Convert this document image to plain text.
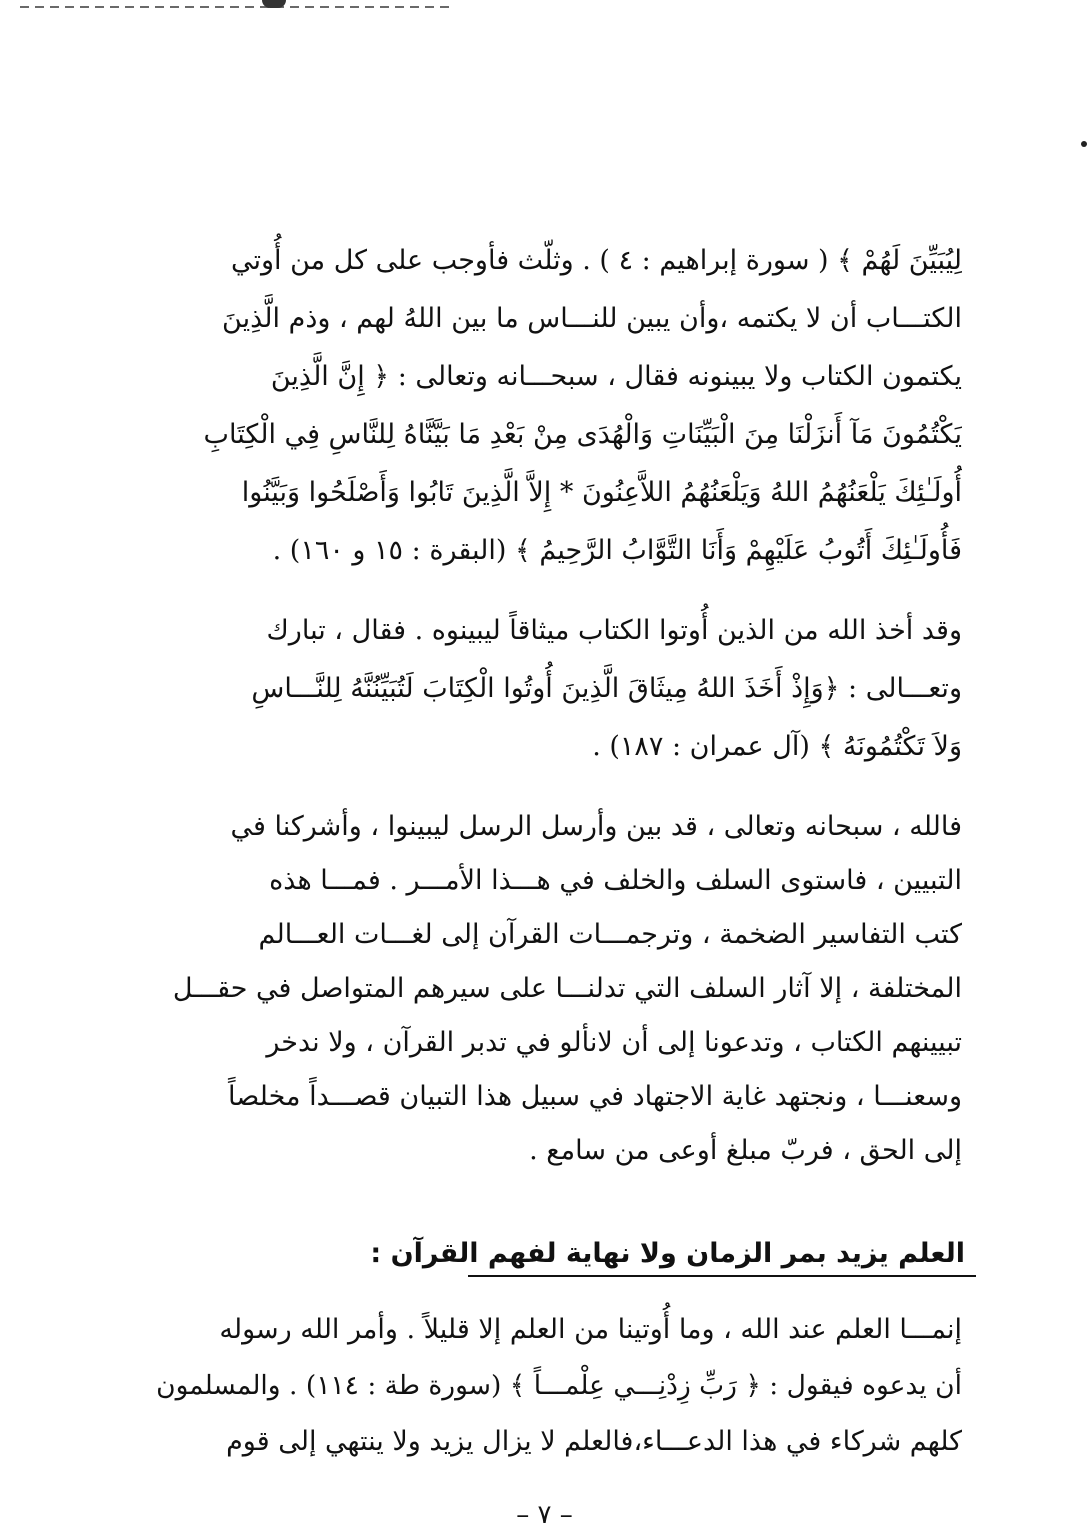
لِيُبَيِّنَ لَهُمْ ﴾ ( سورة إبراهيم : ٤ ) . وثلّث فأوجب على كل من أُوتي
الكتـــاب أن لا يكتمه ،وأن يبين للنـــاس ما بين اللهُ لهم ، وذم الَّذِينَ
يكتمون الكتاب ولا يبينونه فقال ، سبحـــانه وتعالى : ﴿ إِنَّ الَّذِينَ
يَكْتُمُونَ مَآ أَنزَلْنَا مِنَ الْبَيِّنَاتِ وَالْهُدَى مِنْ بَعْدِ مَا بَيَّنَّاهُ لِلنَّاسِ فِي الْكِتَابِ
أُولَـٰئِكَ يَلْعَنُهُمُ اللهُ وَيَلْعَنُهُمُ اللاَّعِنُونَ * إِلاَّ الَّذِينَ تَابُوا وَأَصْلَحُوا وَبَيَّنُوا
فَأُولَـٰئِكَ أَتُوبُ عَلَيْهِمْ وَأَنَا التَّوَّابُ الرَّحِيمُ ﴾ (البقرة : ١٥ و ١٦٠) .
وقد أخذ الله من الذين أُوتوا الكتاب ميثاقاً ليبينوه . فقال ، تبارك
وتعـــالى : ﴿وَإِذْ أَخَذَ اللهُ مِيثَاقَ الَّذِينَ أُوتُوا الْكِتَابَ لَتُبَيِّنُنَّهُ لِلنَّـــاسِ
وَلاَ تَكْتُمُونَهُ ﴾ (آل عمران : ١٨٧) .
فالله ، سبحانه وتعالى ، قد بين وأرسل الرسل ليبينوا ، وأشركنا في
التبيين ، فاستوى السلف والخلف في هـــذا الأمـــر . فمـــا هذه
كتب التفاسير الضخمة ، وترجمـــات القرآن إلى لغـــات العـــالم
المختلفة ، إلا آثار السلف التي تدلنـــا على سيرهم المتواصل في حقـــل
تبيينهم الكتاب ، وتدعونا إلى أن لانألو في تدبر القرآن ، ولا ندخر
وسعنـــا ، ونجتهد غاية الاجتهاد في سبيل هذا التبيان قصـــداً مخلصاً
إلى الحق ، فربّ مبلغ أوعى من سامع .
العلم يزيد بمر الزمان ولا نهاية لفهم القرآن :
إنمـــا العلم عند الله ، وما أُوتينا من العلم إلا قليلاً . وأمر الله رسوله
أن يدعوه فيقول : ﴿ رَبِّ زِدْنِـــي عِلْمـــاً ﴾ (سورة طة : ١١٤) . والمسلمون
كلهم شركاء في هذا الدعـــاء،فالعلم لا يزال يزيد ولا ينتهي إلى قوم
– ٧ –
